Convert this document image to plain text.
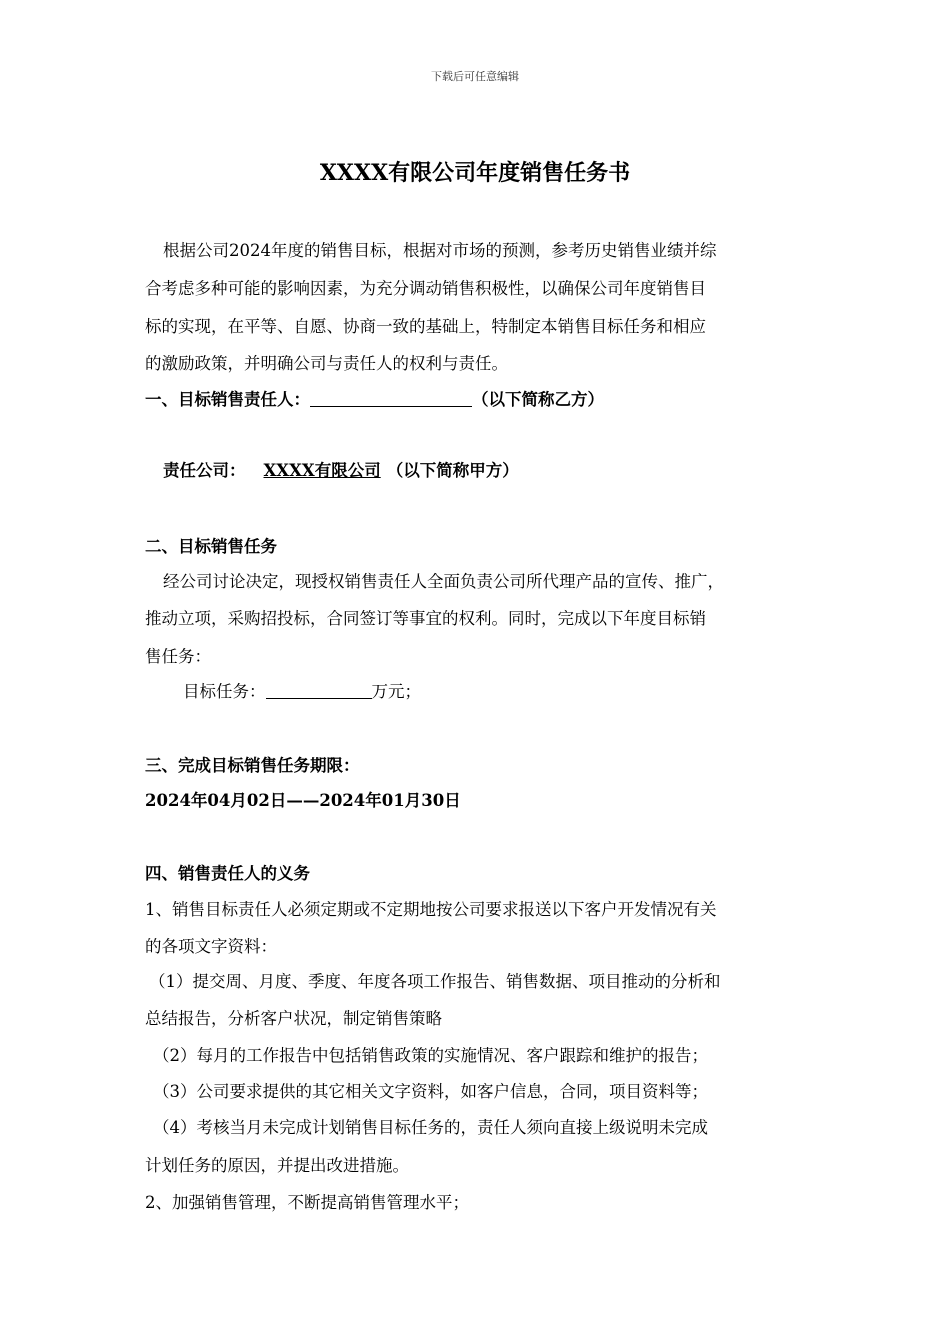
下载后可任意编辑
XXXX有限公司年度销售任务书
根据公司2024年度的销售目标，根据对市场的预测，参考历史销售业绩并综
合考虑多种可能的影响因素，为充分调动销售积极性，以确保公司年度销售目
标的实现，在平等、自愿、协商一致的基础上，特制定本销售目标任务和相应
的激励政策，并明确公司与责任人的权利与责任。
一、目标销售责任人：	（以下简称乙方）
责任公司： XXXX有限公司 （以下简称甲方）
二、目标销售任务
经公司讨论决定，现授权销售责任人全面负责公司所代理产品的宣传、推广，
推动立项，采购招投标，合同签订等事宜的权利。同时，完成以下年度目标销
售任务：
目标任务：	万元；
三、完成目标销售任务期限：
2024年04月02日——2024年01月30日
四、销售责任人的义务
1、销售目标责任人必须定期或不定期地按公司要求报送以下客户开发情况有关
的各项文字资料：
（1）提交周、月度、季度、年度各项工作报告、销售数据、项目推动的分析和
总结报告，分析客户状况，制定销售策略
（2）每月的工作报告中包括销售政策的实施情况、客户跟踪和维护的报告；
（3）公司要求提供的其它相关文字资料，如客户信息，合同，项目资料等；
（4）考核当月未完成计划销售目标任务的，责任人须向直接上级说明未完成
计划任务的原因，并提出改进措施。
2、加强销售管理，不断提高销售管理水平；
